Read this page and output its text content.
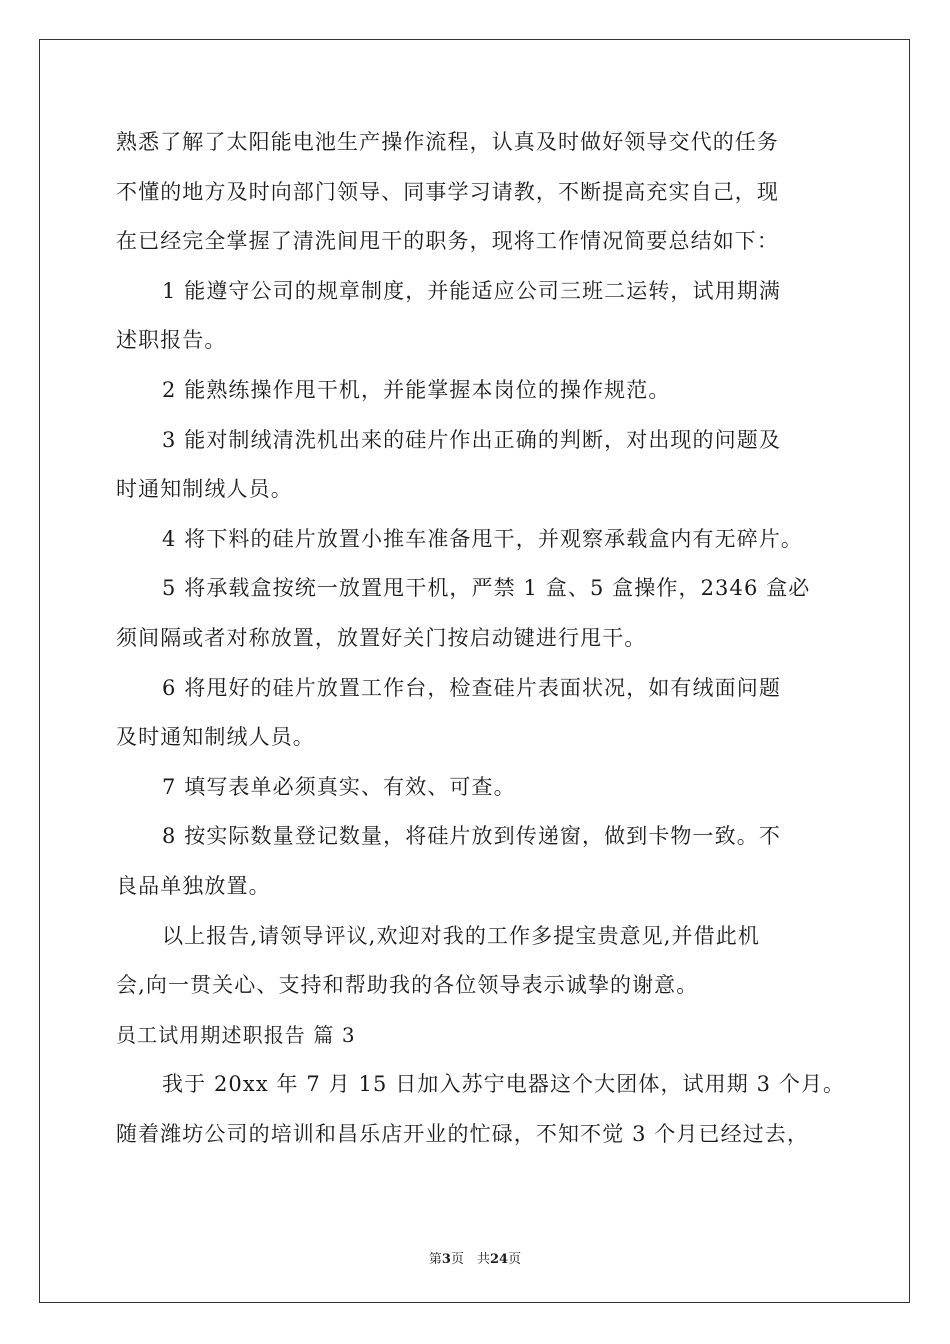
熟悉了解了太阳能电池生产操作流程，认真及时做好领导交代的任务

不懂的地方及时向部门领导、同事学习请教，不断提高充实自己，现

在已经完全掌握了清洗间甩干的职务，现将工作情况简要总结如下：

1 能遵守公司的规章制度，并能适应公司三班二运转，试用期满

述职报告。

2 能熟练操作甩干机，并能掌握本岗位的操作规范。

3 能对制绒清洗机出来的硅片作出正确的判断，对出现的问题及

时通知制绒人员。

4 将下料的硅片放置小推车准备甩干，并观察承载盒内有无碎片。

5 将承载盒按统一放置甩干机，严禁 1 盒、5 盒操作，2346 盒必

须间隔或者对称放置，放置好关门按启动键进行甩干。

6 将甩好的硅片放置工作台，检查硅片表面状况，如有绒面问题

及时通知制绒人员。

7 填写表单必须真实、有效、可查。

8 按实际数量登记数量，将硅片放到传递窗，做到卡物一致。不

良品单独放置。

以上报告,请领导评议,欢迎对我的工作多提宝贵意见,并借此机

会,向一贯关心、支持和帮助我的各位领导表示诚挚的谢意。

员工试用期述职报告 篇 3

我于 20xx 年 7 月 15 日加入苏宁电器这个大团体，试用期 3 个月。

随着潍坊公司的培训和昌乐店开业的忙碌，不知不觉 3 个月已经过去，

第3页　共24页
